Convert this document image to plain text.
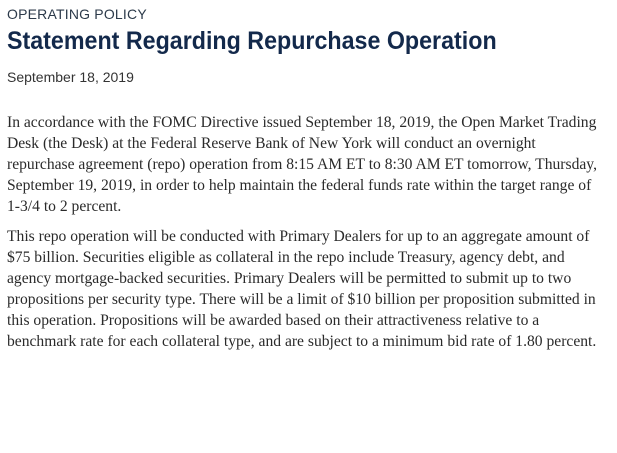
OPERATING POLICY
Statement Regarding Repurchase Operation
September 18, 2019

In accordance with the FOMC Directive issued September 18, 2019, the Open Market Trading Desk (the Desk) at the Federal Reserve Bank of New York will conduct an overnight repurchase agreement (repo) operation from 8:15 AM ET to 8:30 AM ET tomorrow, Thursday, September 19, 2019, in order to help maintain the federal funds rate within the target range of 1-3/4 to 2 percent.

This repo operation will be conducted with Primary Dealers for up to an aggregate amount of $75 billion. Securities eligible as collateral in the repo include Treasury, agency debt, and agency mortgage-backed securities. Primary Dealers will be permitted to submit up to two propositions per security type. There will be a limit of $10 billion per proposition submitted in this operation. Propositions will be awarded based on their attractiveness relative to a benchmark rate for each collateral type, and are subject to a minimum bid rate of 1.80 percent.
